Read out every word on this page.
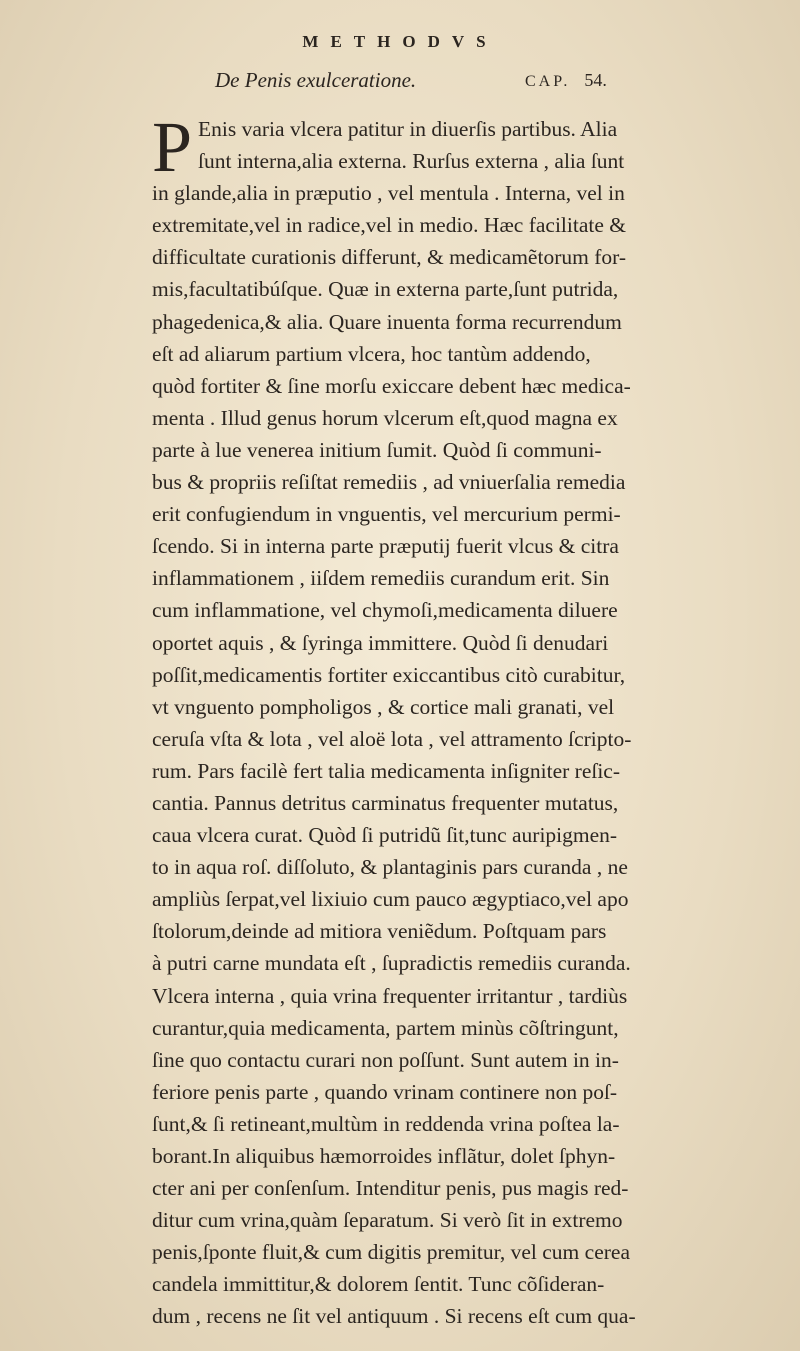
METHODVS
De Penis exulceratione.	CAP. 54.
P Enis varia vlcera patitur in diuerſis partibus. Alia
ſunt interna,alia externa. Rurſus externa , alia ſunt
in glande,alia in præputio , vel mentula . Interna, vel in
extremitate,vel in radice,vel in medio. Hæc facilitate &
difficultate curationis differunt, & medicamẽtorum for-
mis,facultatibúſque. Quæ in externa parte,ſunt putrida,
phagedenica,& alia. Quare inuenta forma recurrendum
eſt ad aliarum partium vlcera, hoc tantùm addendo,
quòd fortiter & ſine morſu exiccare debent hæc medica-
menta . Illud genus horum vlcerum eſt,quod magna ex
parte à lue venerea initium ſumit. Quòd ſi communi-
bus & propriis reſiſtat remediis , ad vniuerſalia remedia
erit confugiendum in vnguentis, vel mercurium permi-
ſcendo. Si in interna parte præputij fuerit vlcus & citra
inflammationem , iiſdem remediis curandum erit. Sin
cum inflammatione, vel chymoſi,medicamenta diluere
oportet aquis , & ſyringa immittere. Quòd ſi denudari
poſſit,medicamentis fortiter exiccantibus citò curabitur,
vt vnguento pompholigos , & cortice mali granati, vel
ceruſa vſta & lota , vel aloë lota , vel attramento ſcripto-
rum. Pars facilè fert talia medicamenta inſigniter reſic-
cantia. Pannus detritus carminatus frequenter mutatus,
caua vlcera curat. Quòd ſi putridũ ſit,tunc auripigmen-
to in aqua roſ. diſſoluto, & plantaginis pars curanda , ne
ampliùs ſerpat,vel lixiuio cum pauco ægyptiaco,vel apo
ſtolorum,deinde ad mitiora veniẽdum. Poſtquam pars
à putri carne mundata eſt , ſupradictis remediis curanda.
Vlcera interna , quia vrina frequenter irritantur , tardiùs
curantur,quia medicamenta, partem minùs cõſtringunt,
ſine quo contactu curari non poſſunt. Sunt autem in in-
feriore penis parte , quando vrinam continere non poſ-
ſunt,& ſi retineant,multùm in reddenda vrina poſtea la-
borant.In aliquibus hæmorroides inflãtur, dolet ſphyn-
cter ani per conſenſum. Intenditur penis, pus magis red-
ditur cum vrina,quàm ſeparatum. Si verò ſit in extremo
penis,ſponte fluit,& cum digitis premitur, vel cum cerea
candela immittitur,& dolorem ſentit. Tunc cõſideran-
dum , recens ne ſit vel antiquum . Si recens eſt cum qua-
